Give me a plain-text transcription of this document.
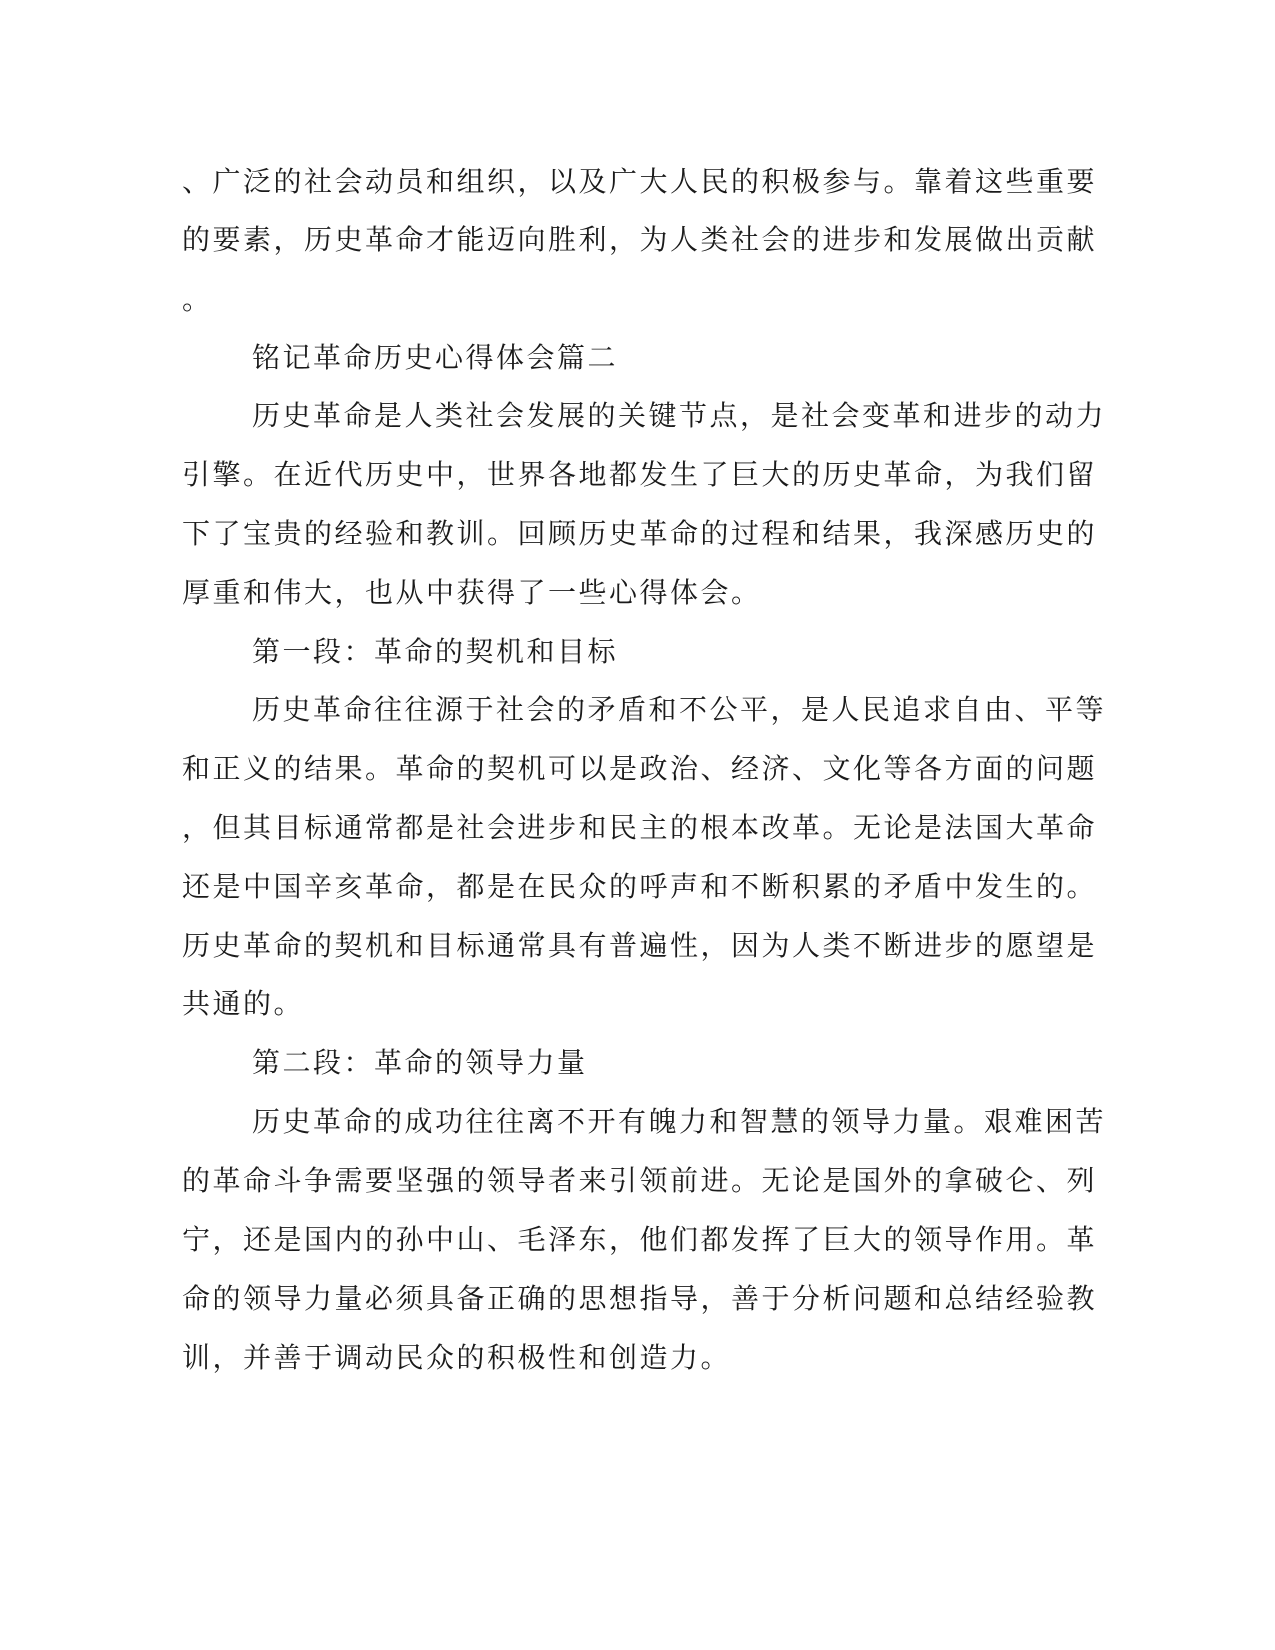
、广泛的社会动员和组织，以及广大人民的积极参与。靠着这些重要
的要素，历史革命才能迈向胜利，为人类社会的进步和发展做出贡献
。
铭记革命历史心得体会篇二
历史革命是人类社会发展的关键节点，是社会变革和进步的动力
引擎。在近代历史中，世界各地都发生了巨大的历史革命，为我们留
下了宝贵的经验和教训。回顾历史革命的过程和结果，我深感历史的
厚重和伟大，也从中获得了一些心得体会。
第一段：革命的契机和目标
历史革命往往源于社会的矛盾和不公平，是人民追求自由、平等
和正义的结果。革命的契机可以是政治、经济、文化等各方面的问题
，但其目标通常都是社会进步和民主的根本改革。无论是法国大革命
还是中国辛亥革命，都是在民众的呼声和不断积累的矛盾中发生的。
历史革命的契机和目标通常具有普遍性，因为人类不断进步的愿望是
共通的。
第二段：革命的领导力量
历史革命的成功往往离不开有魄力和智慧的领导力量。艰难困苦
的革命斗争需要坚强的领导者来引领前进。无论是国外的拿破仑、列
宁，还是国内的孙中山、毛泽东，他们都发挥了巨大的领导作用。革
命的领导力量必须具备正确的思想指导，善于分析问题和总结经验教
训，并善于调动民众的积极性和创造力。
